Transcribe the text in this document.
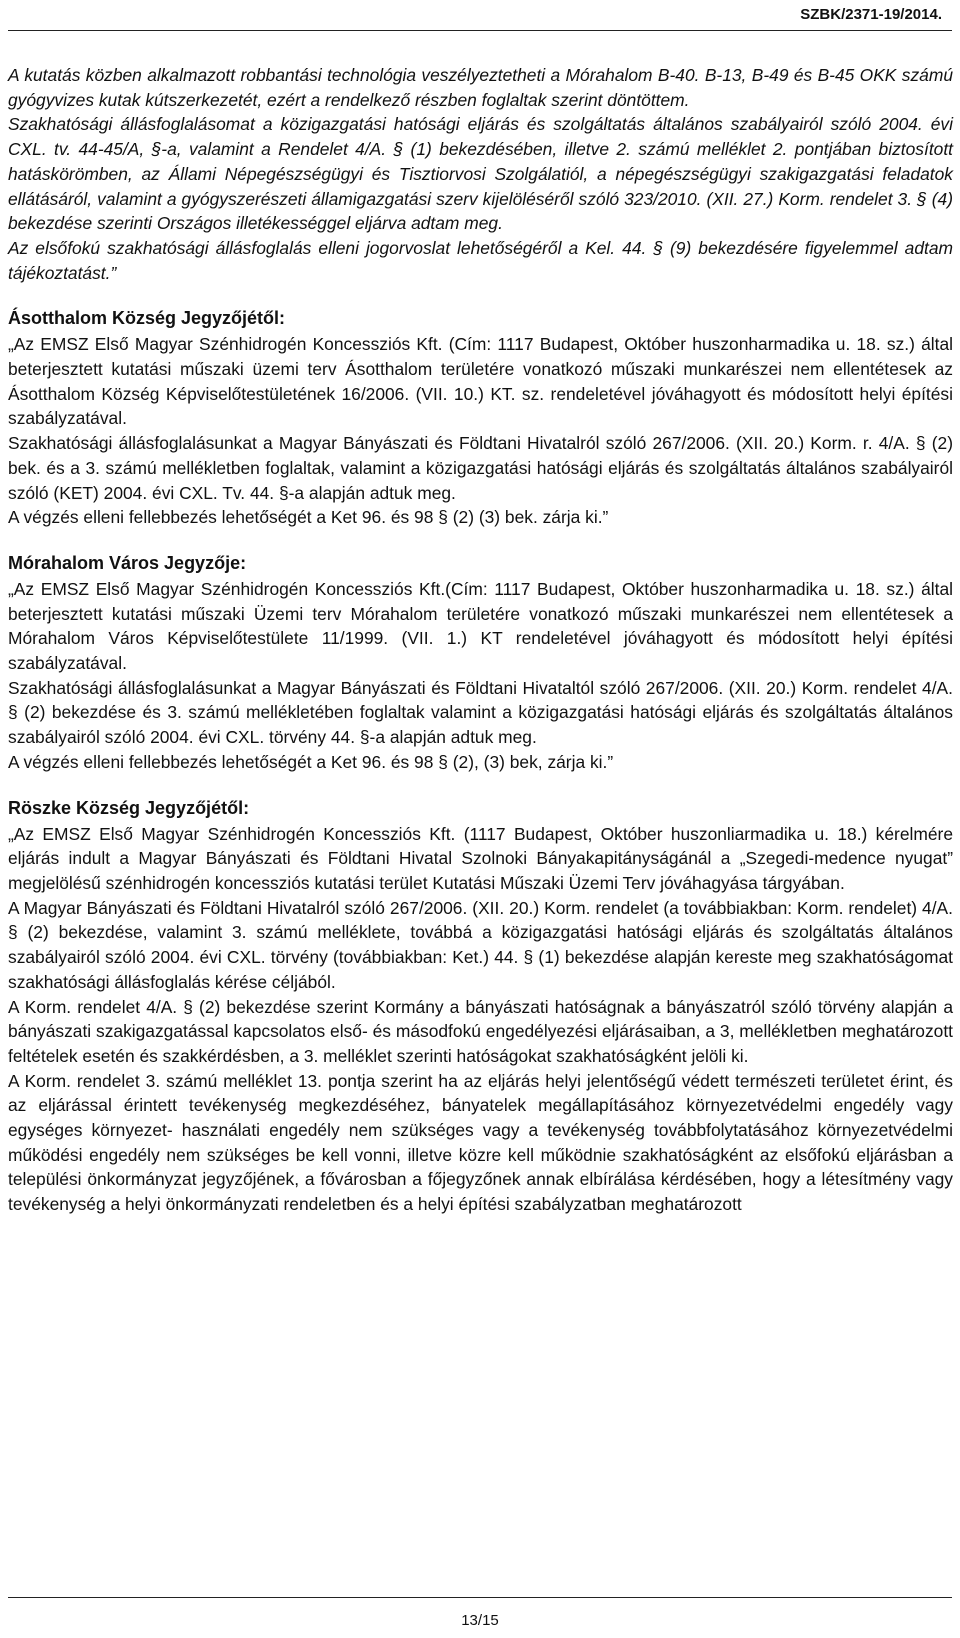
SZBK/2371-19/2014.

A kutatás közben alkalmazott robbantási technológia veszélyeztetheti a Mórahalom B-40. B-13, B-49 és B-45 OKK számú gyógyvizes kutak kútszerkezetét, ezért a rendelkező részben foglaltak szerint döntöttem.

Szakhatósági állásfoglalásomat a közigazgatási hatósági eljárás és szolgáltatás általános szabályairól szóló 2004. évi CXL. tv. 44-45/A, §-a, valamint a Rendelet 4/A. § (1) bekezdésében, illetve 2. számú melléklet 2. pontjában biztosított hatáskörömben, az Állami Népegészségügyi és Tisztiorvosi Szolgálatiól, a népegészségügyi szakigazgatási feladatok ellátásáról, valamint a gyógyszerészeti államigazgatási szerv kijelöléséről szóló 323/2010. (XII. 27.) Korm. rendelet 3. § (4) bekezdése szerinti Országos illetékességgel eljárva adtam meg.

Az elsőfokú szakhatósági állásfoglalás elleni jogorvoslat lehetőségéről a Kel. 44. § (9) bekezdésére figyelemmel adtam tájékoztatást.”

Ásotthalom Község Jegyzőjétől:

„Az EMSZ Első Magyar Szénhidrogén Koncessziós Kft. (Cím: 1117 Budapest, Október huszonharmadika u. 18. sz.) által beterjesztett kutatási műszaki üzemi terv Ásotthalom területére vonatkozó műszaki munkarészei nem ellentétesek az Ásotthalom Község Képviselőtestületének 16/2006. (VII. 10.) KT. sz. rendeletével jóváhagyott és módosított helyi építési szabályzatával.

Szakhatósági állásfoglalásunkat a Magyar Bányászati és Földtani Hivatalról szóló 267/2006. (XII. 20.) Korm. r. 4/A. § (2) bek. és a 3. számú mellékletben foglaltak, valamint a közigazgatási hatósági eljárás és szolgáltatás általános szabályairól szóló (KET) 2004. évi CXL. Tv. 44. §-a alapján adtuk meg.

A végzés elleni fellebbezés lehetőségét a Ket 96. és 98 § (2) (3) bek. zárja ki.”

Mórahalom Város Jegyzője:

„Az EMSZ Első Magyar Szénhidrogén Koncessziós Kft.(Cím: 1117 Budapest, Október huszonharmadika u. 18. sz.) által beterjesztett kutatási műszaki Üzemi terv Mórahalom területére vonatkozó műszaki munkarészei nem ellentétesek a Mórahalom Város Képviselőtestülete 11/1999. (VII. 1.) KT rendeletével jóváhagyott és módosított helyi építési szabályzatával.

Szakhatósági állásfoglalásunkat a Magyar Bányászati és Földtani Hivataltól szóló 267/2006. (XII. 20.) Korm. rendelet 4/A. § (2) bekezdése és 3. számú mellékletében foglaltak valamint a közigazgatási hatósági eljárás és szolgáltatás általános szabályairól szóló 2004. évi CXL. törvény 44. §-a alapján adtuk meg.

A végzés elleni fellebbezés lehetőségét a Ket 96. és 98 § (2), (3) bek, zárja ki.”

Röszke Község Jegyzőjétől:

„Az EMSZ Első Magyar Szénhidrogén Koncessziós Kft. (1117 Budapest, Október huszonliarmadika u. 18.) kérelmére eljárás indult a Magyar Bányászati és Földtani Hivatal Szolnoki Bányakapitányságánál a „Szegedi-medence nyugat” megjelölésű szénhidrogén koncessziós kutatási terület Kutatási Műszaki Üzemi Terv jóváhagyása tárgyában.

A Magyar Bányászati és Földtani Hivatalról szóló 267/2006. (XII. 20.) Korm. rendelet (a továbbiakban: Korm. rendelet) 4/A. § (2) bekezdése, valamint 3. számú melléklete, továbbá a közigazgatási hatósági eljárás és szolgáltatás általános szabályairól szóló 2004. évi CXL. törvény (továbbiakban: Ket.) 44. § (1) bekezdése alapján kereste meg szakhatóságomat szakhatósági állásfoglalás kérése céljából.

A Korm. rendelet 4/A. § (2) bekezdése szerint Kormány a bányászati hatóságnak a bányászatról szóló törvény alapján a bányászati szakigazgatással kapcsolatos első- és másodfokú engedélyezési eljárásaiban, a 3, mellékletben meghatározott feltételek esetén és szakkérdésben, a 3. melléklet szerinti hatóságokat szakhatóságként jelöli ki.

A Korm. rendelet 3. számú melléklet 13. pontja szerint ha az eljárás helyi jelentőségű védett természeti területet érint, és az eljárással érintett tevékenység megkezdéséhez, bányatelek megállapításához környezetvédelmi engedély vagy egységes környezet- használati engedély nem szükséges vagy a tevékenység továbbfolytatásához környezetvédelmi működési engedély nem szükséges be kell vonni, illetve közre kell működnie szakhatóságként az elsőfokú eljárásban a települési önkormányzat jegyzőjének, a fővárosban a főjegyzőnek annak elbírálása kérdésében, hogy a létesítmény vagy tevékenység a helyi önkormányzati rendeletben és a helyi építési szabályzatban meghatározott

13/15
